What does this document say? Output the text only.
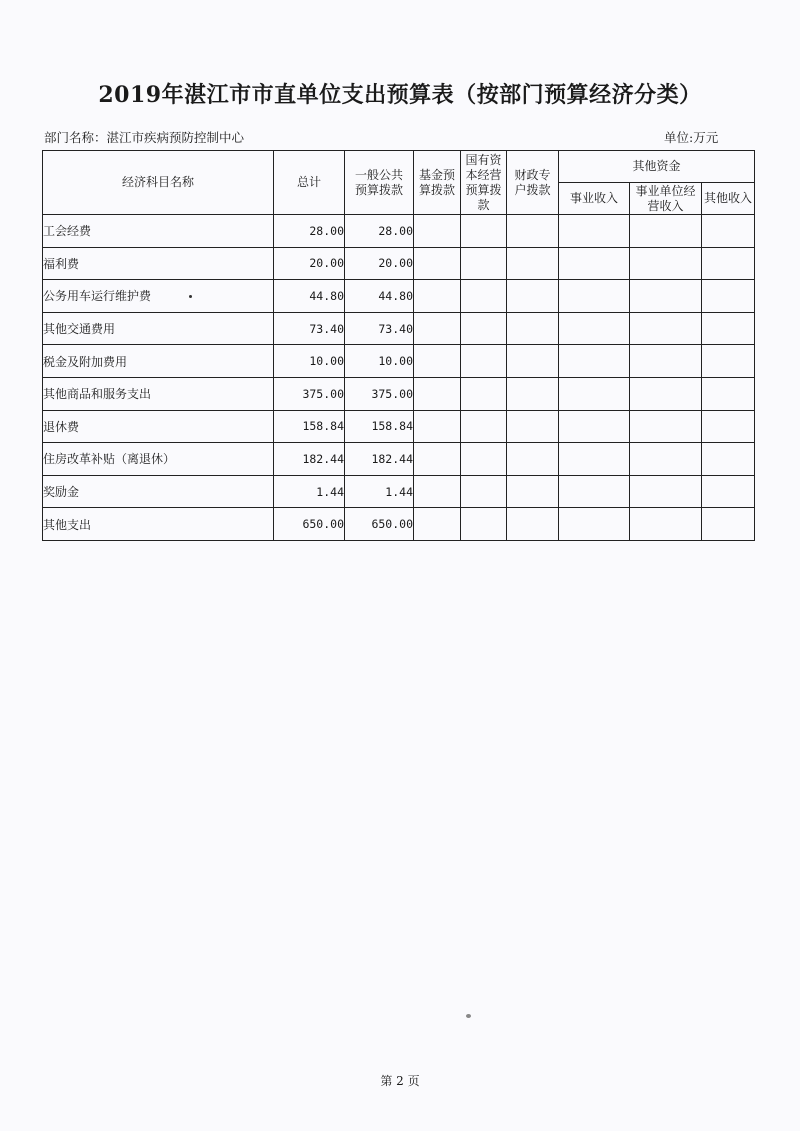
2019年湛江市市直单位支出预算表（按部门预算经济分类）
部门名称：湛江市疾病预防控制中心	单位:万元
经济科目名称	总计	一般公共预算拨款	基金预算拨款	国有资本经营预算拨款	财政专户拨款	其他资金		
						事业收入	事业单位经营收入	其他收入
工会经费	28.00	28.00						
福利费	20.00	20.00						
公务用车运行维护费	44.80	44.80						
其他交通费用	73.40	73.40						
税金及附加费用	10.00	10.00						
其他商品和服务支出	375.00	375.00						
退休费	158.84	158.84						
住房改革补贴（离退休）	182.44	182.44						
奖励金	1.44	1.44						
其他支出	650.00	650.00						
第 2 页
